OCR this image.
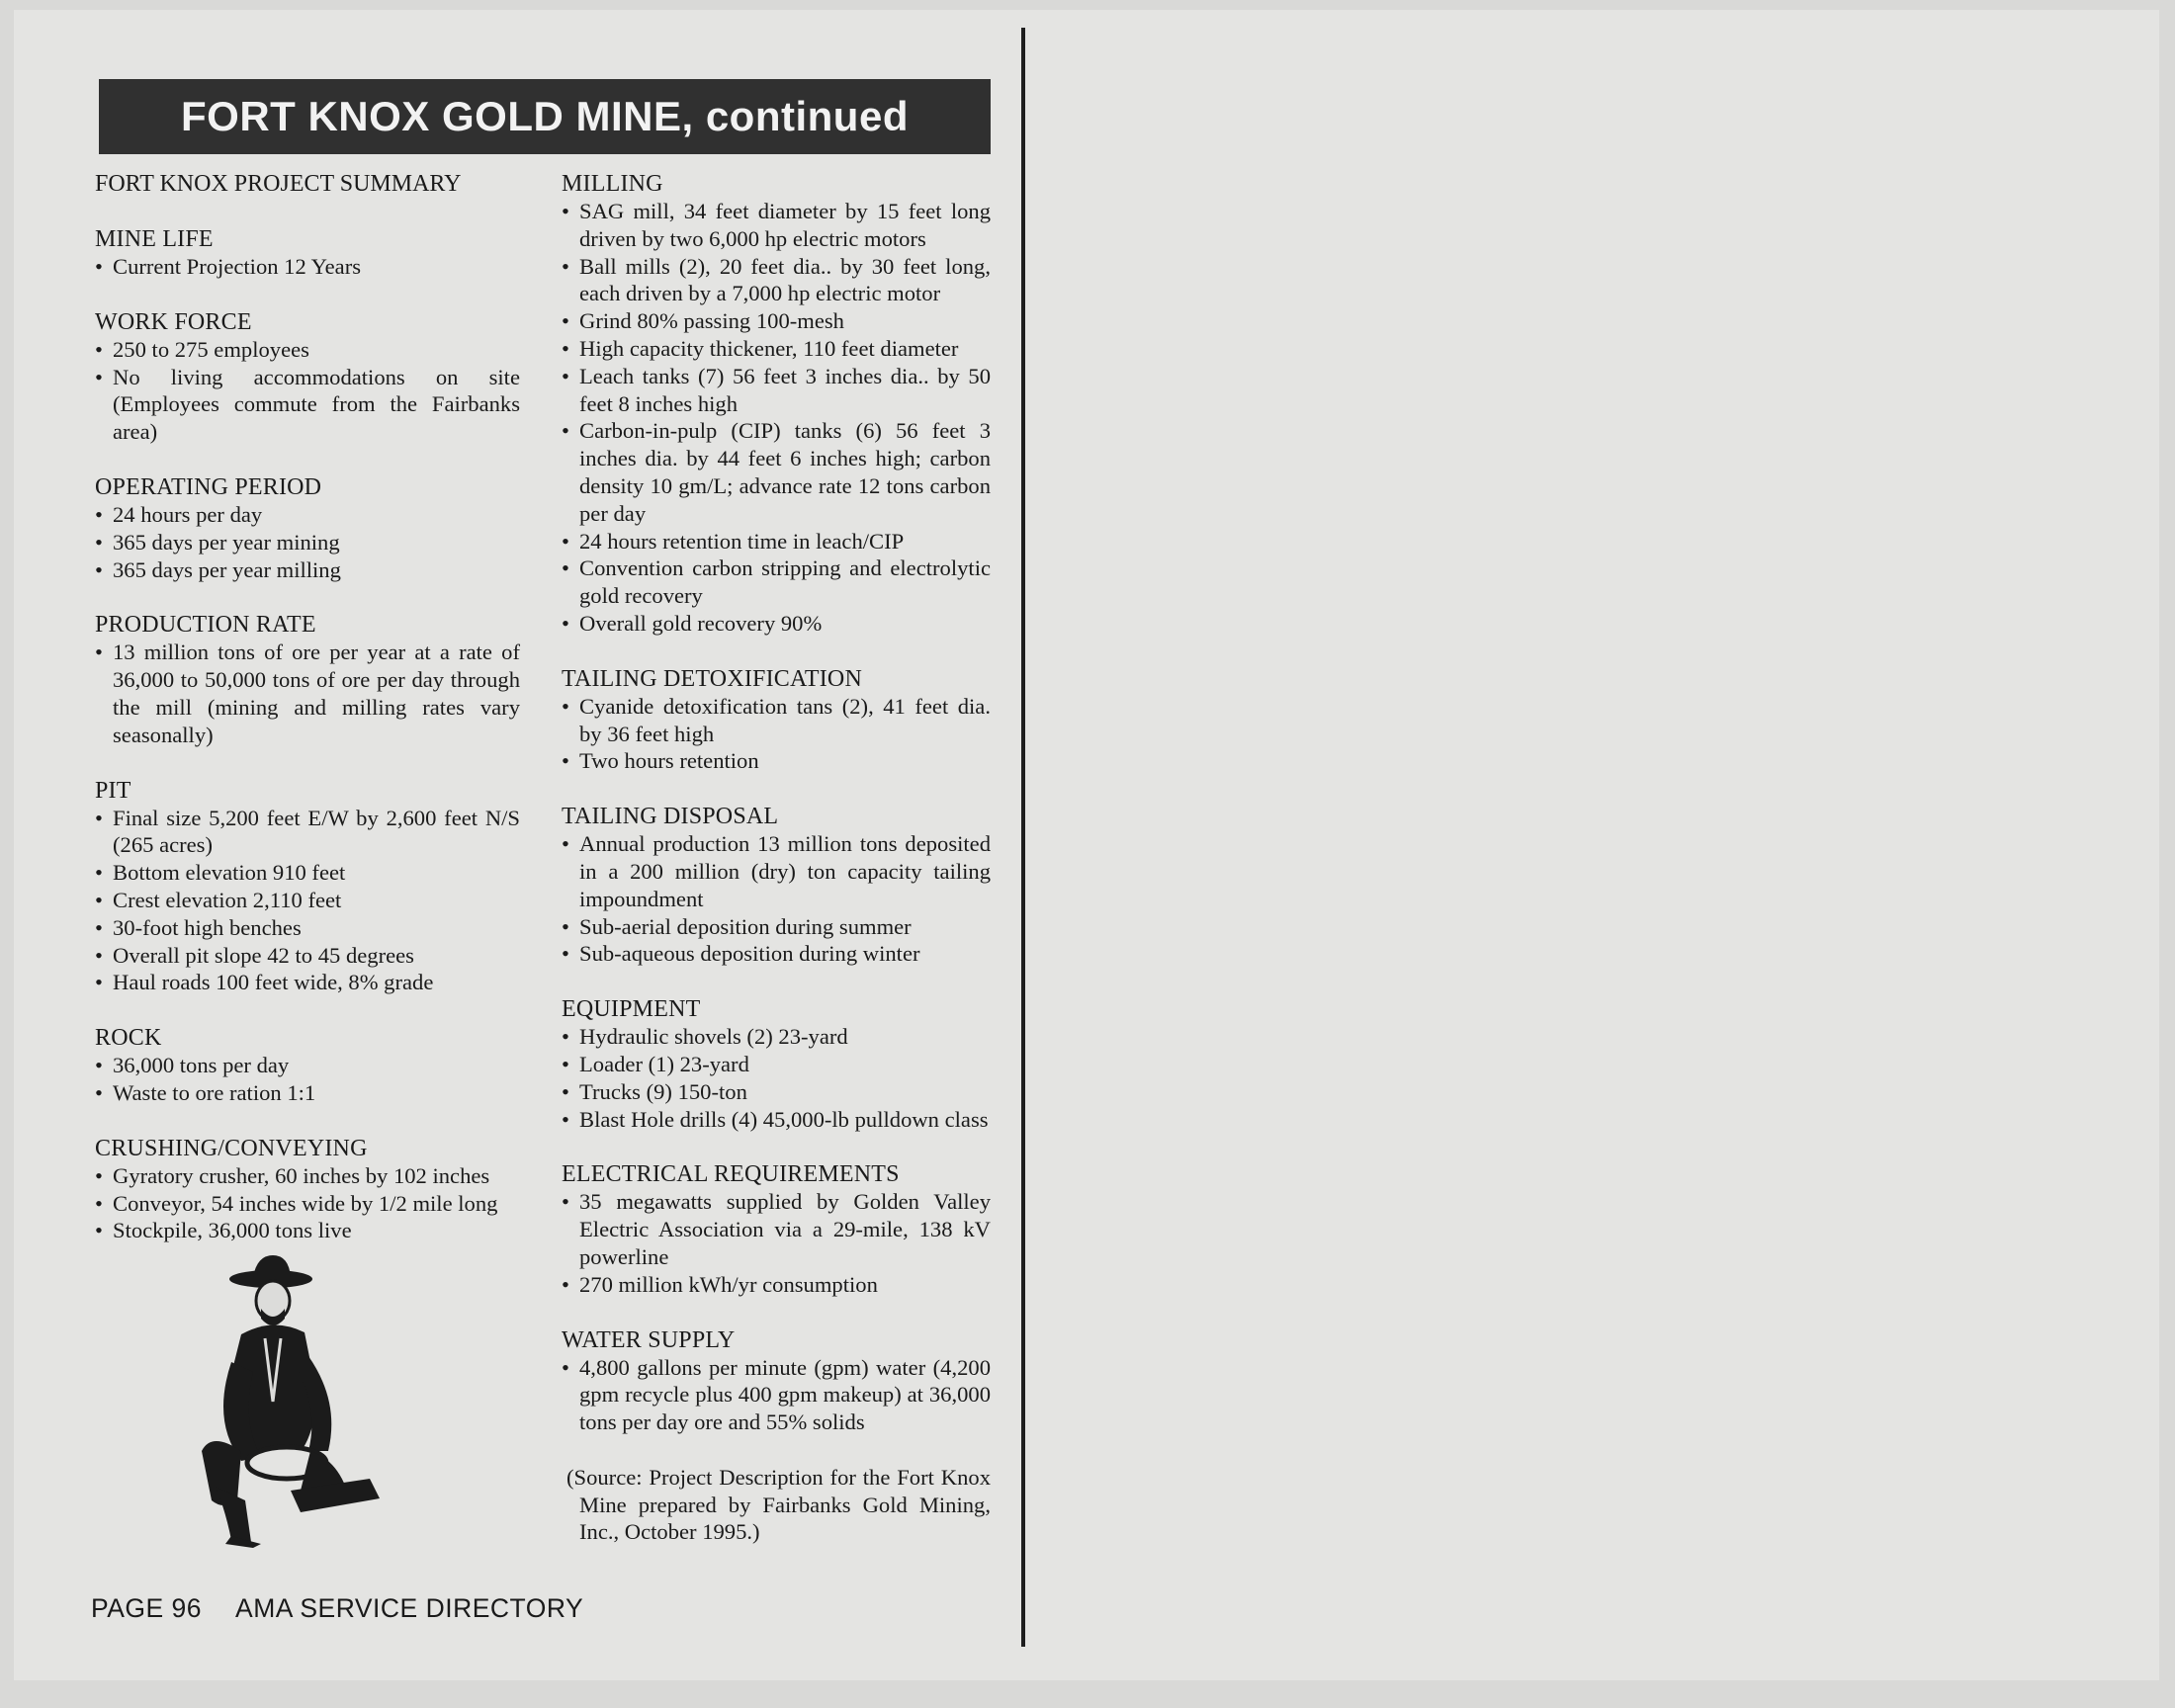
FORT KNOX GOLD MINE, continued
FORT KNOX PROJECT SUMMARY
MINE LIFE
• Current Projection 12 Years
WORK FORCE
• 250 to 275 employees
• No living accommodations on site (Employees commute from the Fairbanks area)
OPERATING PERIOD
• 24 hours per day
• 365 days per year mining
• 365 days per year milling
PRODUCTION RATE
• 13 million tons of ore per year at a rate of 36,000 to 50,000 tons of ore per day through the mill (mining and milling rates vary seasonally)
PIT
• Final size 5,200 feet E/W by 2,600 feet N/S (265 acres)
• Bottom elevation 910 feet
• Crest elevation 2,110 feet
• 30-foot high benches
• Overall pit slope 42 to 45 degrees
• Haul roads 100 feet wide, 8% grade
ROCK
• 36,000 tons per day
• Waste to ore ration 1:1
CRUSHING/CONVEYING
• Gyratory crusher, 60 inches by 102 inches
• Conveyor, 54 inches wide by 1/2 mile long
• Stockpile, 36,000 tons live
MILLING
• SAG mill, 34 feet diameter by 15 feet long driven by two 6,000 hp electric motors
• Ball mills (2), 20 feet dia.. by 30 feet long, each driven by a 7,000 hp electric motor
• Grind 80% passing 100-mesh
• High capacity thickener, 110 feet diameter
• Leach tanks (7) 56 feet 3 inches dia.. by 50 feet 8 inches high
• Carbon-in-pulp (CIP) tanks (6) 56 feet 3 inches dia. by 44 feet 6 inches high; carbon density 10 gm/L; advance rate 12 tons carbon per day
• 24 hours retention time in leach/CIP
• Convention carbon stripping and electrolytic gold recovery
• Overall gold recovery 90%
TAILING DETOXIFICATION
• Cyanide detoxification tans (2), 41 feet dia. by 36 feet high
• Two hours retention
TAILING DISPOSAL
• Annual production 13 million tons deposited in a 200 million (dry) ton capacity tailing impoundment
• Sub-aerial deposition during summer
• Sub-aqueous deposition during winter
EQUIPMENT
• Hydraulic shovels (2) 23-yard
• Loader (1) 23-yard
• Trucks (9) 150-ton
• Blast Hole drills (4) 45,000-lb pulldown class
ELECTRICAL REQUIREMENTS
• 35 megawatts supplied by Golden Valley Electric Association via a 29-mile, 138 kV powerline
• 270 million kWh/yr consumption
WATER SUPPLY
• 4,800 gallons per minute (gpm) water (4,200 gpm recycle plus 400 gpm makeup) at 36,000 tons per day ore and 55% solids
(Source: Project Description for the Fort Knox Mine prepared by Fairbanks Gold Mining, Inc., October 1995.)
PAGE 96 AMA SERVICE DIRECTORY
